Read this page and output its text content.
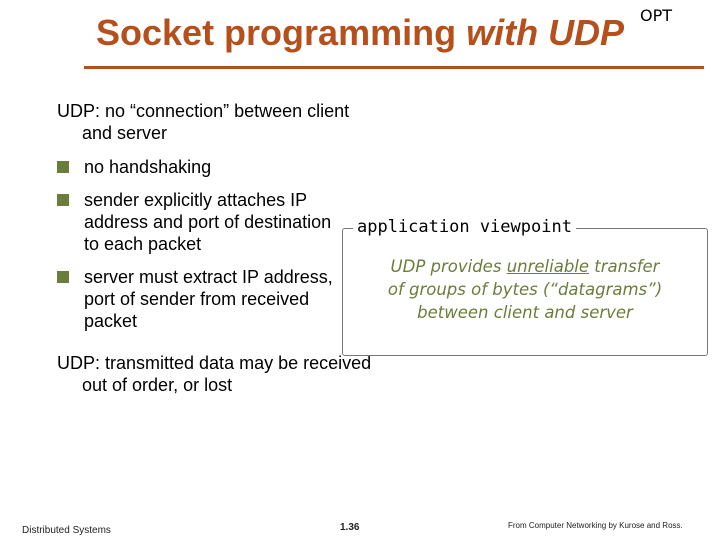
Socket programming with UDP OPT
UDP: no “connection” between client and server
no handshaking
sender explicitly attaches IP address and port of destination to each packet
server must extract IP address, port of sender from received packet
UDP: transmitted data may be received out of order, or lost
application viewpoint
UDP provides unreliable transfer
of groups of bytes (“datagrams”)
between client and server
Distributed Systems	1.36	From Computer Networking by Kurose and Ross.
